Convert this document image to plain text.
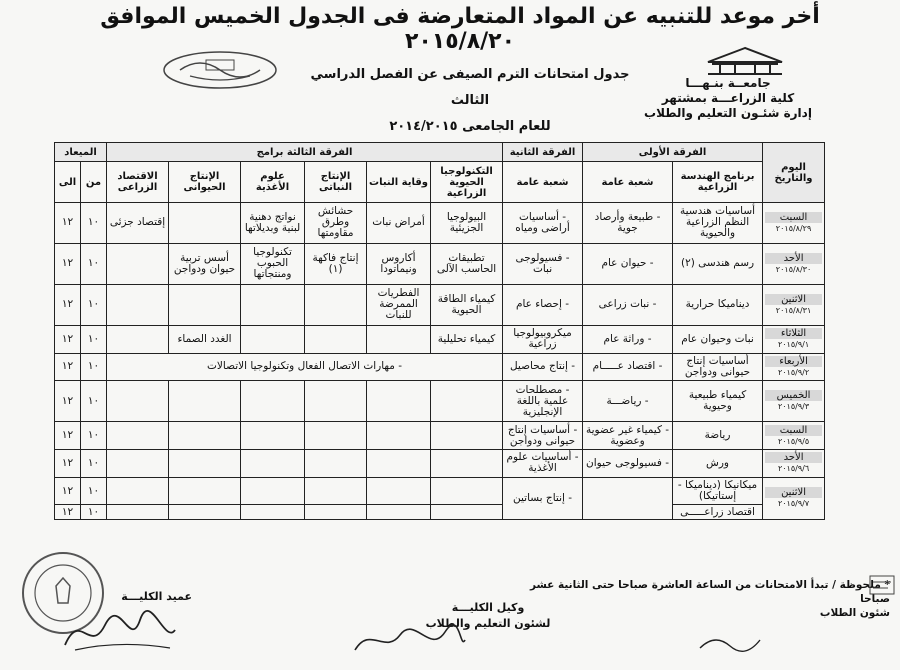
أخر موعد للتنبيه عن المواد المتعارضة فى الجدول الخميس الموافق ٢٠١٥/٨/٢٠
جامعــة بنـهـــا
كلية الزراعـــة بمشتهر
إدارة شئـون التعليم والطلاب
جدول امتحانات الترم الصيفى عن الفصل الدراسي الثالث
للعام الجامعى ٢٠١٤/٢٠١٥
اليوم والتاريخ	الفرقة الأولى		الفرقة الثانية	الفرقة الثالثة برامج						الميعاد	
	برنامج الهندسة الزراعية	شعبة عامة	شعبة عامة	التكنولوجيا الحيوية الزراعية	وقاية النبات	الإنتاج النباتى	علوم الأغذية	الإنتاج الحيوانى	الاقتصاد الزراعى	من	الى

السبت
٢٠١٥/٨/٢٩	أساسيات هندسية النظم الزراعية والحيوية	- طبيعة وأرصاد جوية	- أساسيات أراضى ومياه	البيولوجيا الجزيئية	أمراض نبات	حشائش وطرق مقاومتها	نواتج دهنية لبنية وبديلاتها		إقتصاد جزئى	١٠	١٢

الأحد
٢٠١٥/٨/٣٠	رسم هندسى (٢)	- حيوان عام	- فسيولوجى نبات	تطبيقات الحاسب الآلى	أكاروس ونيماتودا	إنتاج فاكهة (١)	تكنولوجيا الحبوب ومنتجاتها	أسس تربية حيوان ودواجن		١٠	١٢

الاثنين
٢٠١٥/٨/٣١	ديناميكا حرارية	- نبات زراعى	- إحصاء عام	كيمياء الطاقة الحيوية	الفطريات الممرضة للنبات					١٠	١٢

الثلاثاء
٢٠١٥/٩/١	نبات وحيوان عام	- وراثة عام	ميكروبيولوجيا زراعية	كيمياء تحليلية				الغدد الصماء		١٠	١٢

الأربعاء
٢٠١٥/٩/٢	أساسيات إنتاج حيوانى ودواجن	- اقتصاد عـــــام	- إنتاج محاصيل	- مهارات الاتصال الفعال وتكنولوجيا الاتصالات						١٠	١٢

الخميس
٢٠١٥/٩/٣	كيمياء طبيعية وحيوية	- رياضـــة	- مصطلحات علمية باللغة الإنجليزية							١٠	١٢

السبت
٢٠١٥/٩/٥	رياضة	- كيمياء غير عضوية وعضوية	- أساسيات إنتاج حيوانى ودواجن							١٠	١٢

الأحد
٢٠١٥/٩/٦	ورش	- فسيولوجى حيوان	- أساسيات علوم الأغذية							١٠	١٢

الاثنين
٢٠١٥/٩/٧	ميكانيكا (ديناميكا - إستاتيكا)		- إنتاج بساتين							١٠	١٢
	اقتصاد زراعـــــى									١٠	١٢
* ملحوظة / تبدأ الامتحانات من الساعة العاشرة صباحا حتى الثانية عشر صباحا
شئون الطلاب
وكيل الكليـــة
لشئون التعليم والطلاب
عميد الكليـــة
